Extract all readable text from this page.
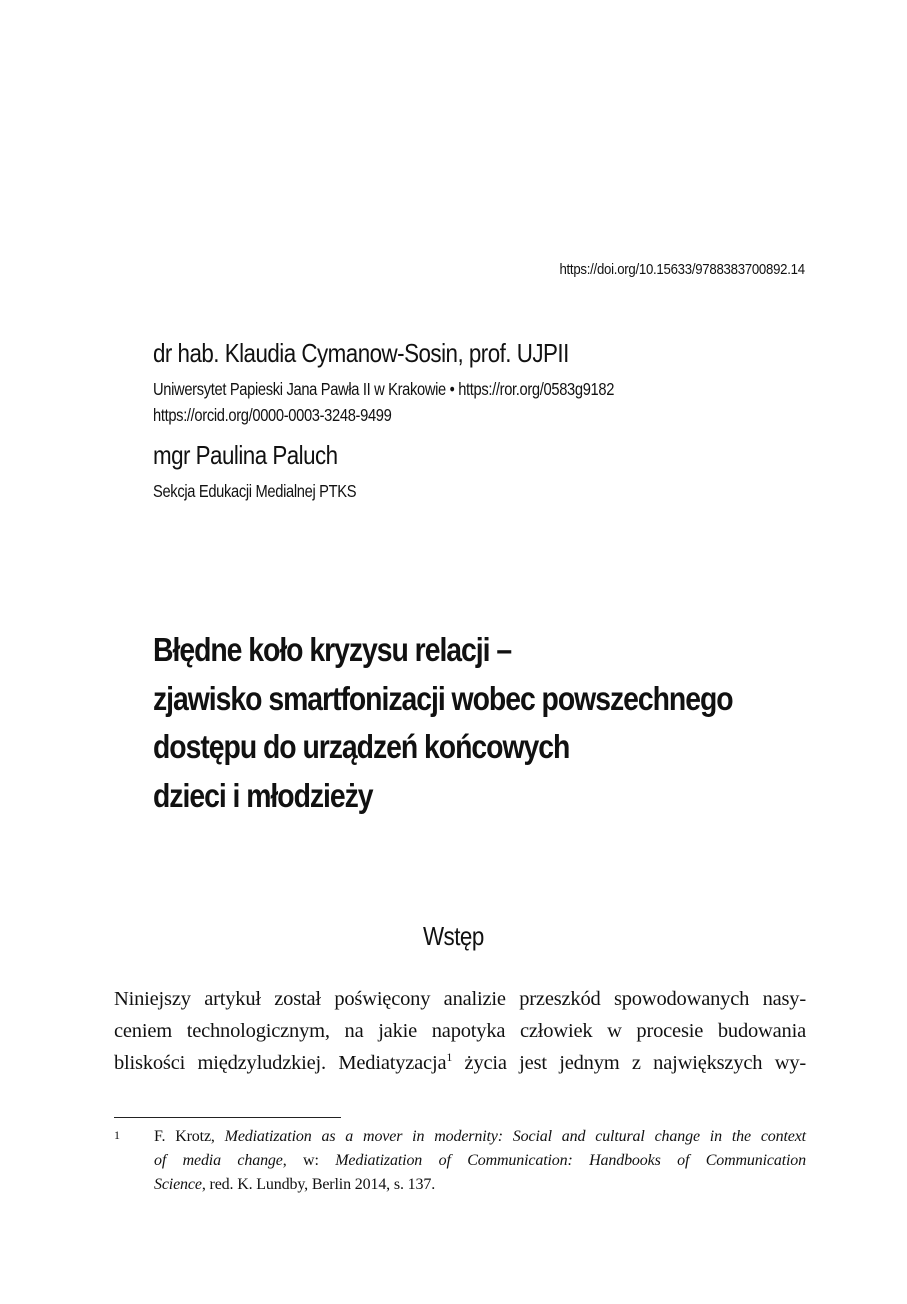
https://doi.org/10.15633/9788383700892.14
dr hab. Klaudia Cymanow-Sosin, prof. UJPII
Uniwersytet Papieski Jana Pawła II w Krakowie • https://ror.org/0583g9182
https://orcid.org/0000-0003-3248-9499
mgr Paulina Paluch
Sekcja Edukacji Medialnej PTKS
Błędne koło kryzysu relacji –
zjawisko smartfonizacji wobec powszechnego
dostępu do urządzeń końcowych
dzieci i młodzieży
Wstęp
Niniejszy artykuł został poświęcony analizie przeszkód spowodowanych nasy-
ceniem technologicznym, na jakie napotyka człowiek w procesie budowania
bliskości międzyludzkiej. Mediatyzacja$^1$ życia jest jednym z największych wy-
1 F. Krotz, Mediatization as a mover in modernity: Social and cultural change in the context
of media change, w: Mediatization of Communication: Handbooks of Communication
Science, red. K. Lundby, Berlin 2014, s. 137.
